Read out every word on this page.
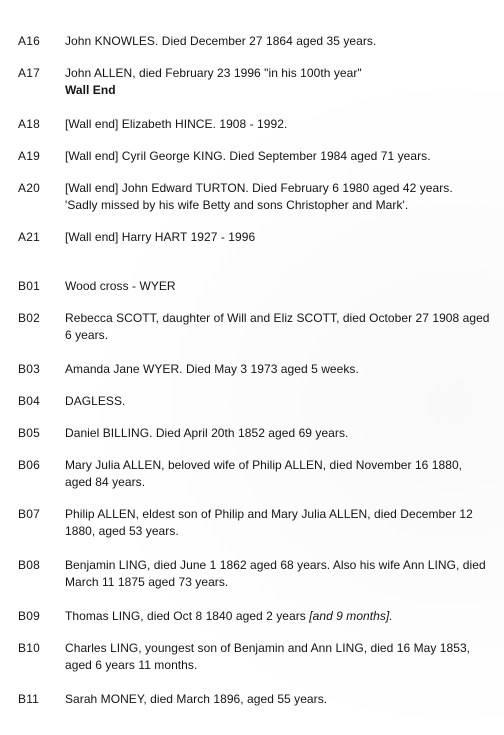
A16 John KNOWLES. Died December 27 1864 aged 35 years.
A17 John ALLEN, died February 23 1996 "in his 100th year"
Wall End
A18 [Wall end] Elizabeth HINCE. 1908 - 1992.
A19 [Wall end] Cyril George KING. Died September 1984 aged 71 years.
A20 [Wall end] John Edward TURTON. Died February 6 1980 aged 42 years.
'Sadly missed by his wife Betty and sons Christopher and Mark'.
A21 [Wall end] Harry HART 1927 - 1996
B01 Wood cross - WYER
B02 Rebecca SCOTT, daughter of Will and Eliz SCOTT, died October 27 1908 aged
6 years.
B03 Amanda Jane WYER. Died May 3 1973 aged 5 weeks.
B04 DAGLESS.
B05 Daniel BILLING. Died April 20th 1852 aged 69 years.
B06 Mary Julia ALLEN, beloved wife of Philip ALLEN, died November 16 1880,
aged 84 years.
B07 Philip ALLEN, eldest son of Philip and Mary Julia ALLEN, died December 12
1880, aged 53 years.
B08 Benjamin LING, died June 1 1862 aged 68 years. Also his wife Ann LING, died
March 11 1875 aged 73 years.
B09 Thomas LING, died Oct 8 1840 aged 2 years [and 9 months].
B10 Charles LING, youngest son of Benjamin and Ann LING, died 16 May 1853,
aged 6 years 11 months.
B11 Sarah MONEY, died March 1896, aged 55 years.
